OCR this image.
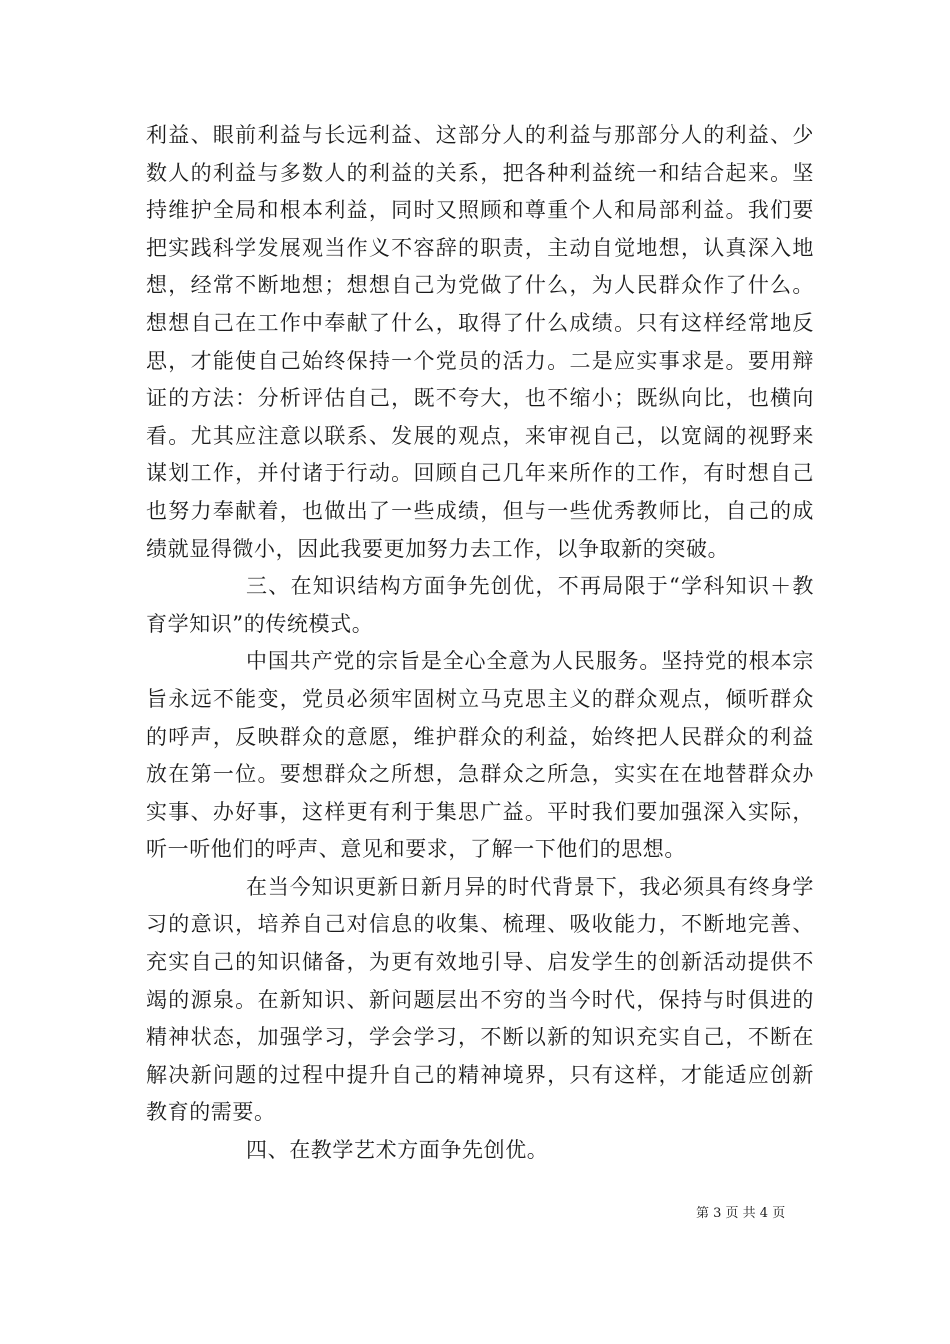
利益、眼前利益与长远利益、这部分人的利益与那部分人的利益、少数人的利益与多数人的利益的关系，把各种利益统一和结合起来。坚持维护全局和根本利益，同时又照顾和尊重个人和局部利益。我们要把实践科学发展观当作义不容辞的职责，主动自觉地想，认真深入地想，经常不断地想；想想自己为党做了什么，为人民群众作了什么。想想自己在工作中奉献了什么，取得了什么成绩。只有这样经常地反思，才能使自己始终保持一个党员的活力。二是应实事求是。要用辩证的方法：分析评估自己，既不夸大，也不缩小；既纵向比，也横向看。尤其应注意以联系、发展的观点，来审视自己，以宽阔的视野来谋划工作，并付诸于行动。回顾自己几年来所作的工作，有时想自己也努力奉献着，也做出了一些成绩，但与一些优秀教师比，自己的成绩就显得微小，因此我要更加努力去工作，以争取新的突破。

三、在知识结构方面争先创优，不再局限于“学科知识＋教育学知识”的传统模式。

中国共产党的宗旨是全心全意为人民服务。坚持党的根本宗旨永远不能变，党员必须牢固树立马克思主义的群众观点，倾听群众的呼声，反映群众的意愿，维护群众的利益，始终把人民群众的利益放在第一位。要想群众之所想，急群众之所急，实实在在地替群众办实事、办好事，这样更有利于集思广益。平时我们要加强深入实际，听一听他们的呼声、意见和要求，了解一下他们的思想。

在当今知识更新日新月异的时代背景下，我必须具有终身学习的意识，培养自己对信息的收集、梳理、吸收能力，不断地完善、充实自己的知识储备，为更有效地引导、启发学生的创新活动提供不竭的源泉。在新知识、新问题层出不穷的当今时代，保持与时俱进的精神状态，加强学习，学会学习，不断以新的知识充实自己，不断在解决新问题的过程中提升自己的精神境界，只有这样，才能适应创新教育的需要。

四、在教学艺术方面争先创优。

第 3 页 共 4 页
